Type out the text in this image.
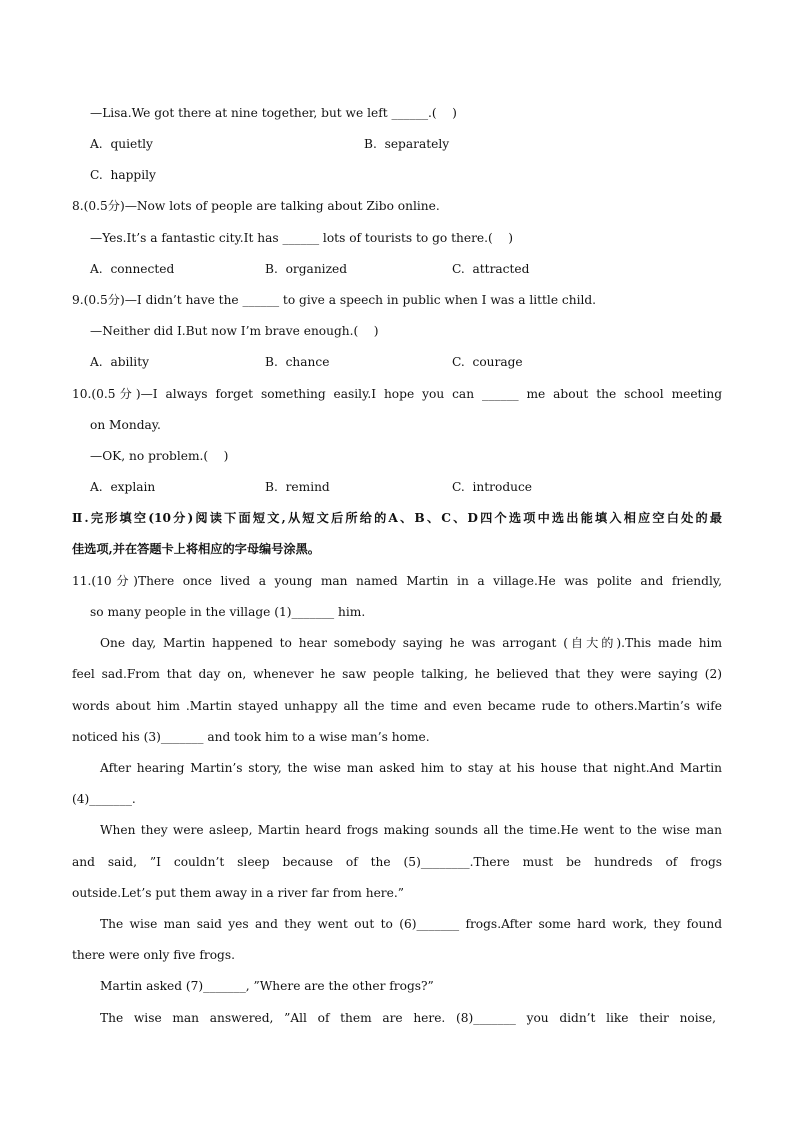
—Lisa.We got there at nine together, but we left ______.(    )
A. quietly	B. separately
C. happily
8.(0.5分)—Now lots of people are talking about Zibo online.
—Yes.It’s a fantastic city.It has ______ lots of tourists to go there.(    )
A. connected	B. organized	C. attracted
9.(0.5分)—I didn’t have the ______ to give a speech in public when I was a little child.
—Neither did I.But now I’m brave enough.(    )
A. ability	B. chance	C. courage
10.(0.5分)—I always forget something easily.I hope you can ______ me about the school meeting
on Monday.
—OK, no problem.(    )
A. explain	B. remind	C. introduce
Ⅱ.完形填空(10分)阅读下面短文,从短文后所给的A、B、C、D四个选项中选出能填入相应空白处的最
佳选项,并在答题卡上将相应的字母编号涂黑。
11.(10分)There once lived a young man named Martin in a village.He was polite and friendly,
so many people in the village (1)_______ him.
One day, Martin happened to hear somebody saying he was arrogant (自大的).This made him
feel sad.From that day on, whenever he saw people talking, he believed that they were saying (2)
words about him .Martin stayed unhappy all the time and even became rude to others.Martin’s wife
noticed his (3)_______ and took him to a wise man’s home.
After hearing Martin’s story, the wise man asked him to stay at his house that night.And Martin
(4)_______.
When they were asleep, Martin heard frogs making sounds all the time.He went to the wise man
and said, ”I couldn’t sleep because of the (5)________.There must be hundreds of frogs
outside.Let’s put them away in a river far from here.”
The wise man said yes and they went out to (6)_______ frogs.After some hard work, they found
there were only five frogs.
Martin asked (7)_______, ”Where are the other frogs?”
The wise man answered, ”All of them are here. (8)_______ you didn’t like their noise,
